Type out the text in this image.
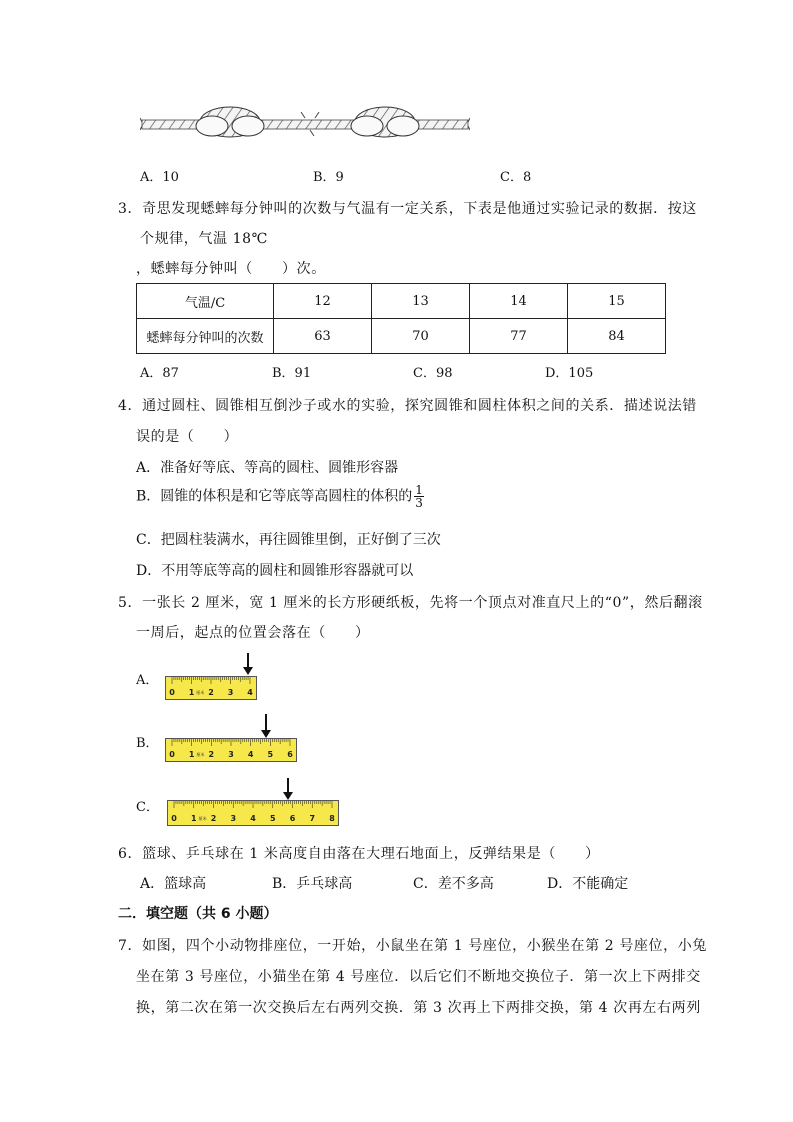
A．10	B．9	C．8
3．奇思发现蟋蟀每分钟叫的次数与气温有一定关系，下表是他通过实验记录的数据．按这
个规律，气温 18℃
，蟋蟀每分钟叫（　　）次。
气温/C	12	13	14	15
蟋蟀每分钟叫的次数	63	70	77	84
A．87	B．91	C．98	D．105
4．通过圆柱、圆锥相互倒沙子或水的实验，探究圆锥和圆柱体积之间的关系．描述说法错
误的是（　　）
A．准备好等底、等高的圆柱、圆锥形容器
B．圆锥的体积是和它等底等高圆柱的体积的 $\frac{1}{3}$
C．把圆柱装满水，再往圆锥里倒，正好倒了三次
D．不用等底等高的圆柱和圆锥形容器就可以
5．一张长 2 厘米，宽 1 厘米的长方形硬纸板，先将一个顶点对准直尺上的“0”，然后翻滚
一周后，起点的位置会落在（　　）
A．
0 1 2 3 4
厘米
B．
0 1 2 3 4 5 6
厘米
C．
0 1 2 3 4 5 6 7 8
厘米
6．篮球、乒乓球在 1 米高度自由落在大理石地面上，反弹结果是（　　）
A．篮球高	B．乒乓球高	C．差不多高	D．不能确定
二．填空题（共 6 小题）
7．如图，四个小动物排座位，一开始，小鼠坐在第 1 号座位，小猴坐在第 2 号座位，小兔
坐在第 3 号座位，小猫坐在第 4 号座位．以后它们不断地交换位子．第一次上下两排交
换，第二次在第一次交换后左右两列交换．第 3 次再上下两排交换，第 4 次再左右两列
